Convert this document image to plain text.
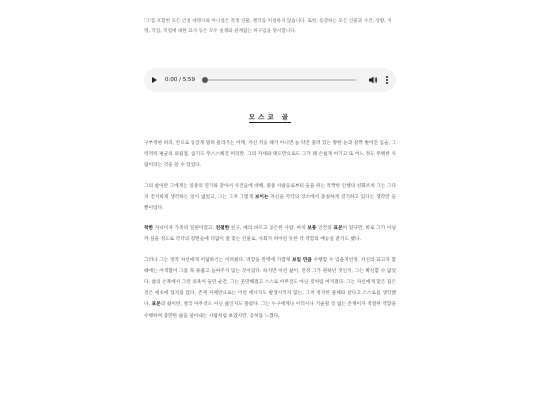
'그'를 포함한 모든 인칭 대명사와 아니셜은 특정 인물, 젠더를 지칭하지 않습니다. 또한, 등장하는 모든 인물과 사건, 상황, 지명, 직업, 직업에 대한 묘사 등은 모두 실제와 관계없는 허구임을 명시합니다.
0:00 / 5:59
모스코 골

구부정한 허리, 안으로 동글게 말려 올라가는 어깨, 자신 적응 해가 아니면 늘 약간 풀려 있는 방한 눈과 살짝 벌어진 입술, 그럭저럭 평균의 외립점, 솜기도 무스스해진 머리칼. 그의 자세와 태도만으로도 그가 꽤 손쉽게 여기고 또 어느 정도 무해한 사람이라는 것을 알 수 있었다.

그의 삶이란 그에게는 일종의 연기와 같아서 사건들에 대해, 종종 사람들로부터 들을 뒤는 특짝한 인행의 선화조차 그는 그다지 진지하게 생각하는 일이 없었고, 그는 그저 그렇게 보이는 자신을 각각의 장소에서 충실하게 연기하고 있다는 생각만 들 뿐이었다.

착한 자녀이자 가족의 일원이었고, 친절한 친구, 예의 바르고 공손한 사람, 마치 보통 인간의 표본이 있다면, 바로 그가 아닐까 싶을 정도로 각각의 장면들에 더없이 잘 맞는 인물로, 사회가 허어된 듯한 각 역할의 배능일 같기도 했다.

그러나 그는 정작 자신에게 어덟하기는 어려웠다. 역할을 완벽에 가깝게 보일 만큼 수행할 수 있을지언정, 자신의 되고자 할 때에는 어색함이 그를 푹 용줍고 늪아주지 않는 것이었다. 하지만 이런 삶이, 진정 그가 원하던 것인지, 그는 확신할 수 없었다. 삶의 온목에서 그런 의욕이 들던 순간, 그는 웃만해졌고 스스로 아무것도 아닌 것처럼 여겨졌다. 그는 자신에게 맞은 집은 것은 애초에 있지를 않다, 존재 자체만으로는 이런 에너지도 발생시키지 않는, 그저 정지한 물체와 같다고 스스로를 생각했다. 표본의 삶이란, 결국 아무것도 아닌 삶인지도 몰랐다. 그는 누구에게나 이더시나 거슬릴 것 없는 존재이자 적절한 역할을 수행하며 충만한 삶을 살아내는 사람처럼 보였지만, 공허를 느꼈다.
